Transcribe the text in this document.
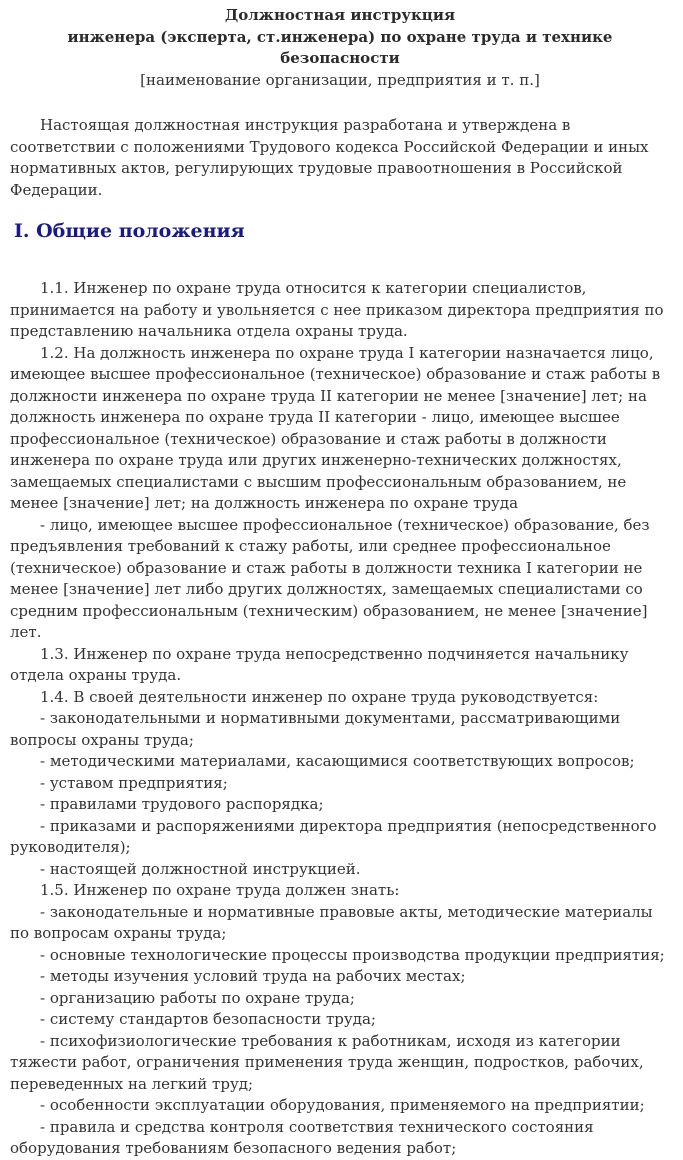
Должностная инструкция
инженера (эксперта, ст.инженера) по охране труда и технике безопасности
[наименование организации, предприятия и т. п.]

Настоящая должностная инструкция разработана и утверждена в соответствии с положениями Трудового кодекса Российской Федерации и иных нормативных актов, регулирующих трудовые правоотношения в Российской Федерации.

I. Общие положения

1.1. Инженер по охране труда относится к категории специалистов, принимается на работу и увольняется с нее приказом директора предприятия по представлению начальника отдела охраны труда.

1.2. На должность инженера по охране труда I категории назначается лицо, имеющее высшее профессиональное (техническое) образование и стаж работы в должности инженера по охране труда II категории не менее [значение] лет; на должность инженера по охране труда II категории - лицо, имеющее высшее профессиональное (техническое) образование и стаж работы в должности инженера по охране труда или других инженерно-технических должностях, замещаемых специалистами с высшим профессиональным образованием, не менее [значение] лет; на должность инженера по охране труда

- лицо, имеющее высшее профессиональное (техническое) образование, без предъявления требований к стажу работы, или среднее профессиональное (техническое) образование и стаж работы в должности техника I категории не менее [значение] лет либо других должностях, замещаемых специалистами со средним профессиональным (техническим) образованием, не менее [значение] лет.

1.3. Инженер по охране труда непосредственно подчиняется начальнику отдела охраны труда.

1.4. В своей деятельности инженер по охране труда руководствуется:

- законодательными и нормативными документами, рассматривающими вопросы охраны труда;

- методическими материалами, касающимися соответствующих вопросов;

- уставом предприятия;

- правилами трудового распорядка;

- приказами и распоряжениями директора предприятия (непосредственного руководителя);

- настоящей должностной инструкцией.

1.5. Инженер по охране труда должен знать:

- законодательные и нормативные правовые акты, методические материалы по вопросам охраны труда;

- основные технологические процессы производства продукции предприятия;

- методы изучения условий труда на рабочих местах;

- организацию работы по охране труда;

- систему стандартов безопасности труда;

- психофизиологические требования к работникам, исходя из категории тяжести работ, ограничения применения труда женщин, подростков, рабочих, переведенных на легкий труд;

- особенности эксплуатации оборудования, применяемого на предприятии;

- правила и средства контроля соответствия технического состояния оборудования требованиям безопасного ведения работ;
